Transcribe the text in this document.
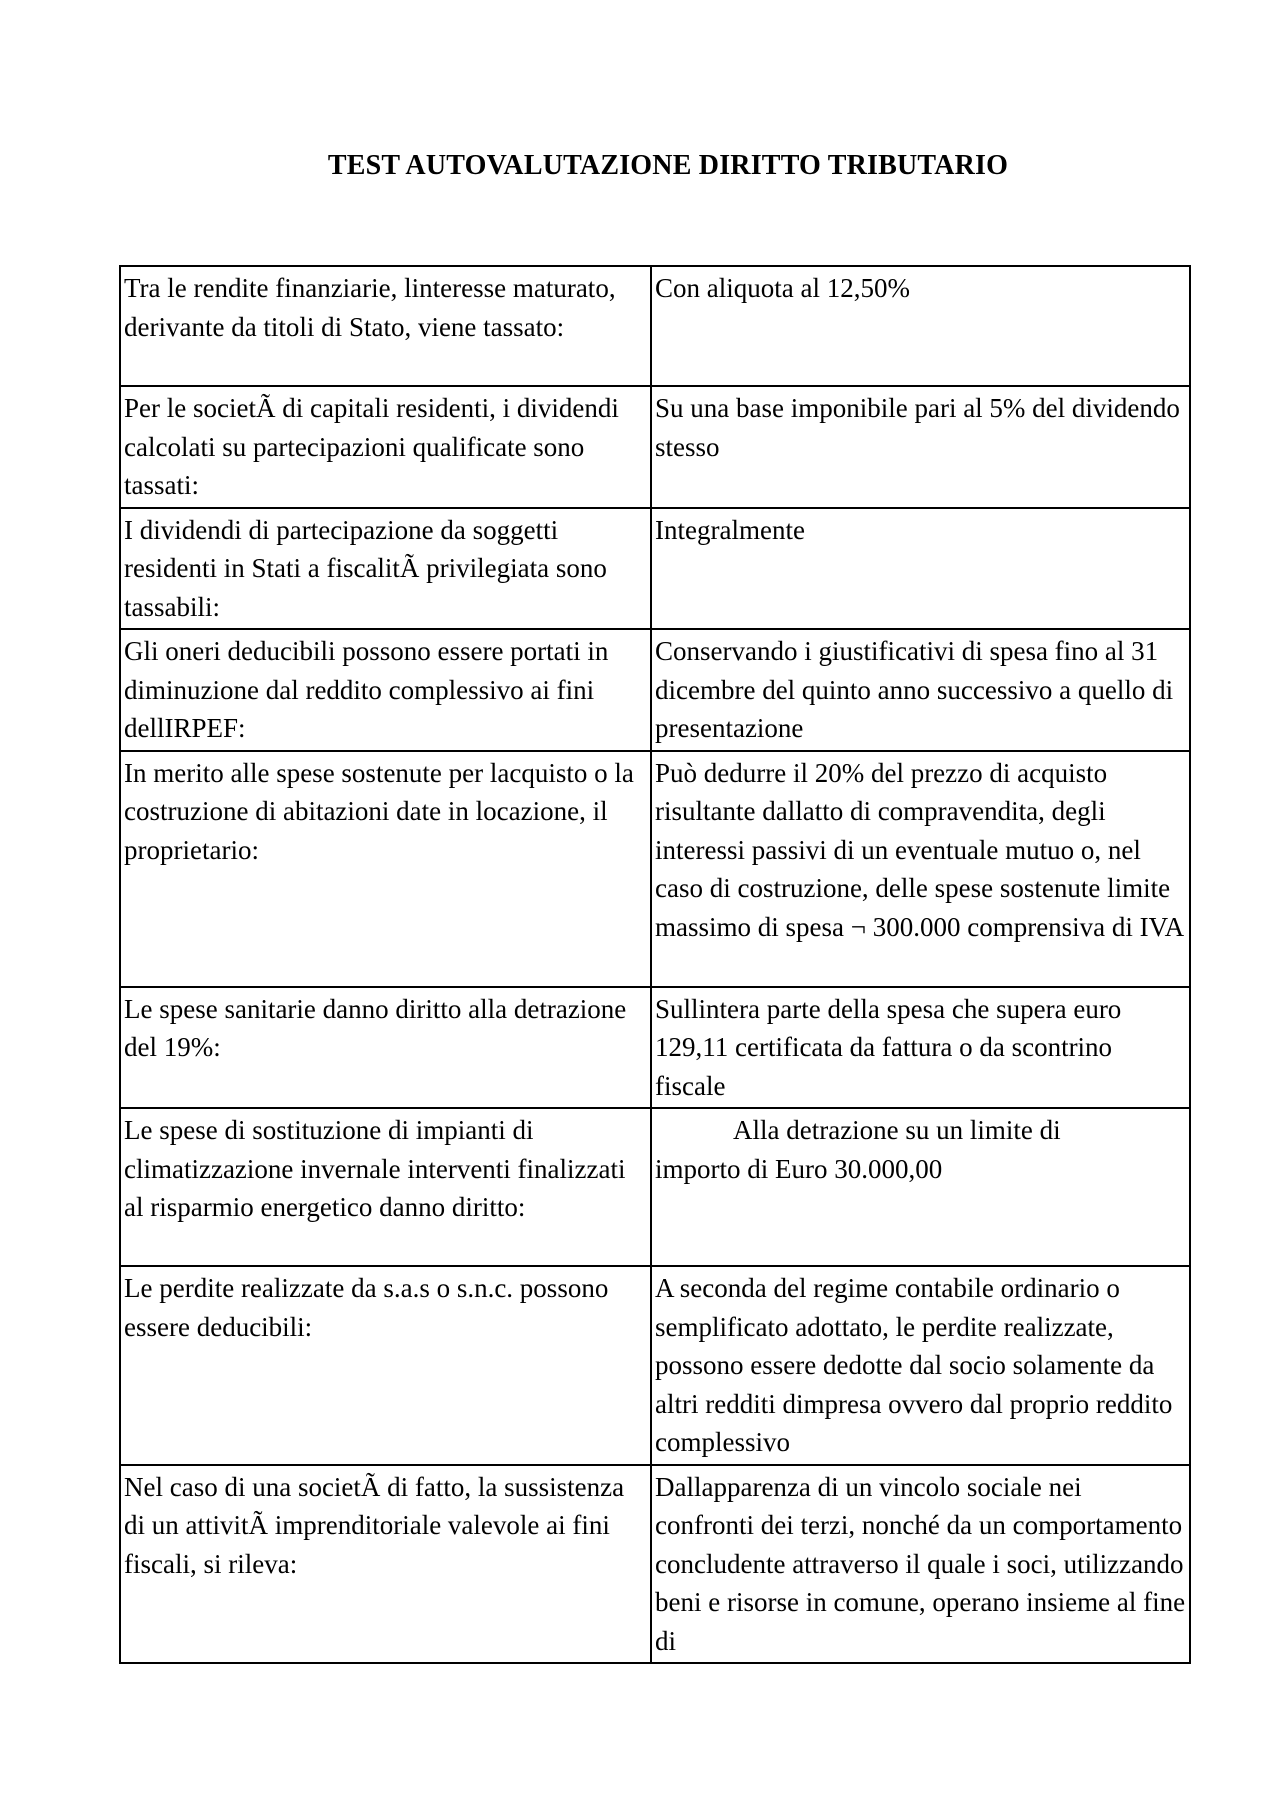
TEST AUTOVALUTAZIONE DIRITTO TRIBUTARIO
Tra le rendite finanziarie, linteresse maturato, derivante da titoli di Stato, viene tassato:	Con aliquota al 12,50%
Per le societÃ di capitali residenti, i dividendi calcolati su partecipazioni qualificate sono tassati:	Su una base imponibile pari al 5% del dividendo stesso
I dividendi di partecipazione da soggetti residenti in Stati a fiscalitÃ privilegiata sono tassabili:	Integralmente
Gli oneri deducibili possono essere portati in diminuzione dal reddito complessivo ai fini dellIRPEF:	Conservando i giustificativi di spesa fino al 31 dicembre del quinto anno successivo a quello di presentazione
In merito alle spese sostenute per lacquisto o la costruzione di abitazioni date in locazione, il proprietario:	Può dedurre il 20% del prezzo di acquisto risultante dallatto di compravendita, degli interessi passivi di un eventuale mutuo o, nel caso di costruzione, delle spese sostenute limite massimo di spesa ¬ 300.000 comprensiva di IVA
Le spese sanitarie danno diritto alla detrazione del 19%:	Sullintera parte della spesa che supera euro 129,11 certificata da fattura o da scontrino fiscale
Le spese di sostituzione di impianti di climatizzazione invernale interventi finalizzati al risparmio energetico danno diritto:	Alla detrazione su un limite di
importo di Euro 30.000,00

Le perdite realizzate da s.a.s o s.n.c. possono essere deducibili:	A seconda del regime contabile ordinario o semplificato adottato, le perdite realizzate, possono essere dedotte dal socio solamente da altri redditi dimpresa ovvero dal proprio reddito complessivo
Nel caso di una societÃ di fatto, la sussistenza di un attivitÃ imprenditoriale valevole ai fini fiscali, si rileva:	Dallapparenza di un vincolo sociale nei confronti dei terzi, nonché da un comportamento concludente attraverso il quale i soci, utilizzando beni e risorse in comune, operano insieme al fine di
